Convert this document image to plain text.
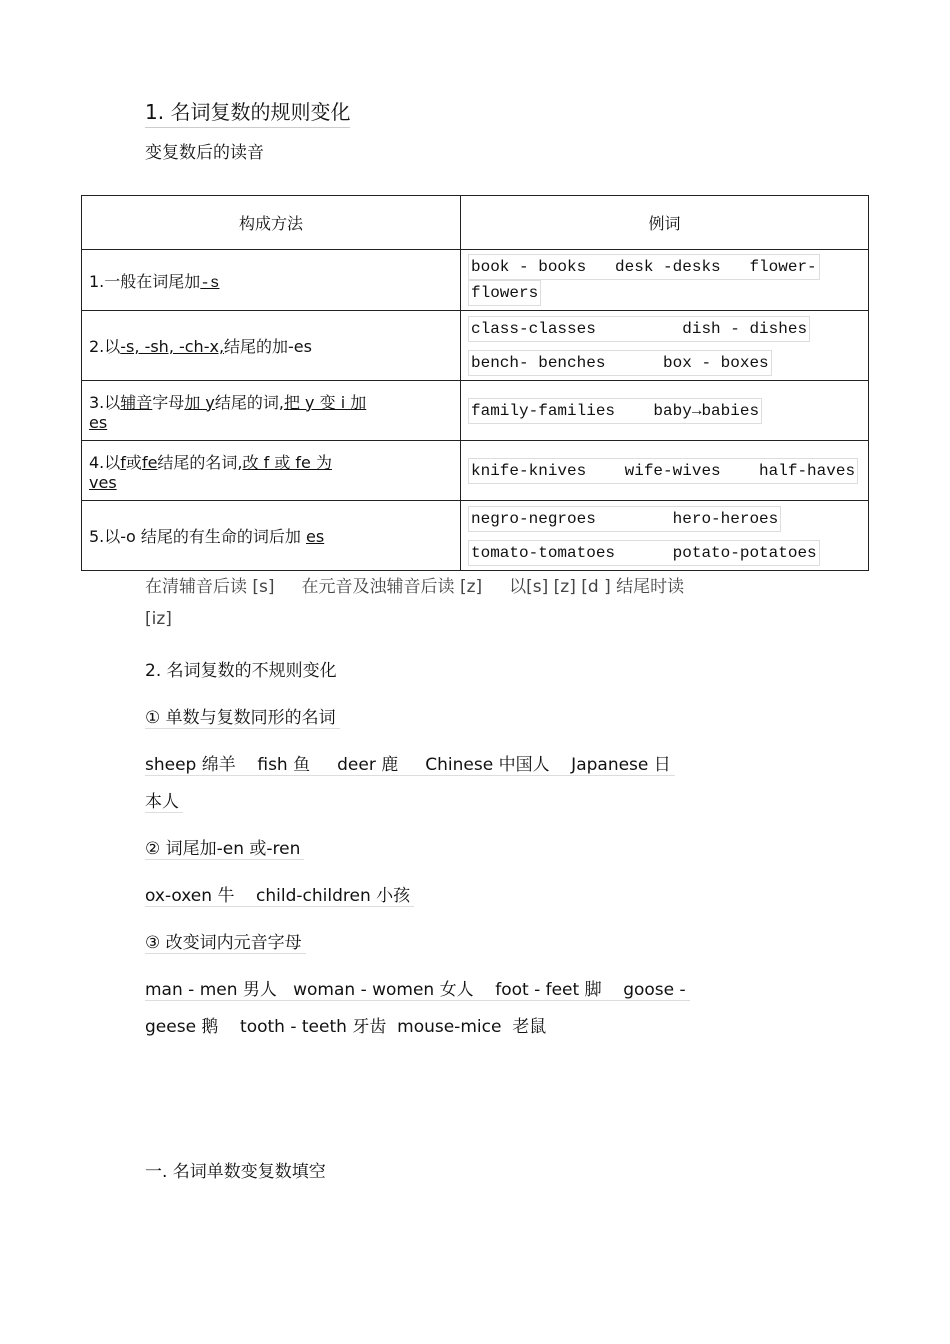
1. 名词复数的规则变化
变复数后的读音
构成方法	例词
1.一般在词尾加-s	book - books   desk -desks   flower-
flowers
2.以-s, -sh, -ch-x,结尾的加-es	class-classes         dish - dishes
bench- benches      box - boxes
3.以辅音字母加 y结尾的词,把 y 变 i 加
es	family-families    baby→babies
4.以f或fe结尾的名词,改 f 或 fe 为
ves	knife-knives    wife-wives    half-haves
5.以-o 结尾的有生命的词后加 es	negro-negroes        hero-heroes
tomato-tomatoes      potato-potatoes
在清辅音后读 [s]     在元音及浊辅音后读 [z]     以[s] [z] [d ] 结尾时读
[iz]
2. 名词复数的不规则变化
① 单数与复数同形的名词
sheep 绵羊    fish 鱼     deer 鹿     Chinese 中国人    Japanese 日
本人
② 词尾加-en 或-ren
ox-oxen 牛    child-children 小孩
③ 改变词内元音字母
man - men 男人   woman - women 女人    foot - feet 脚    goose -
geese 鹅    tooth - teeth 牙齿  mouse-mice  老鼠
一. 名词单数变复数填空
